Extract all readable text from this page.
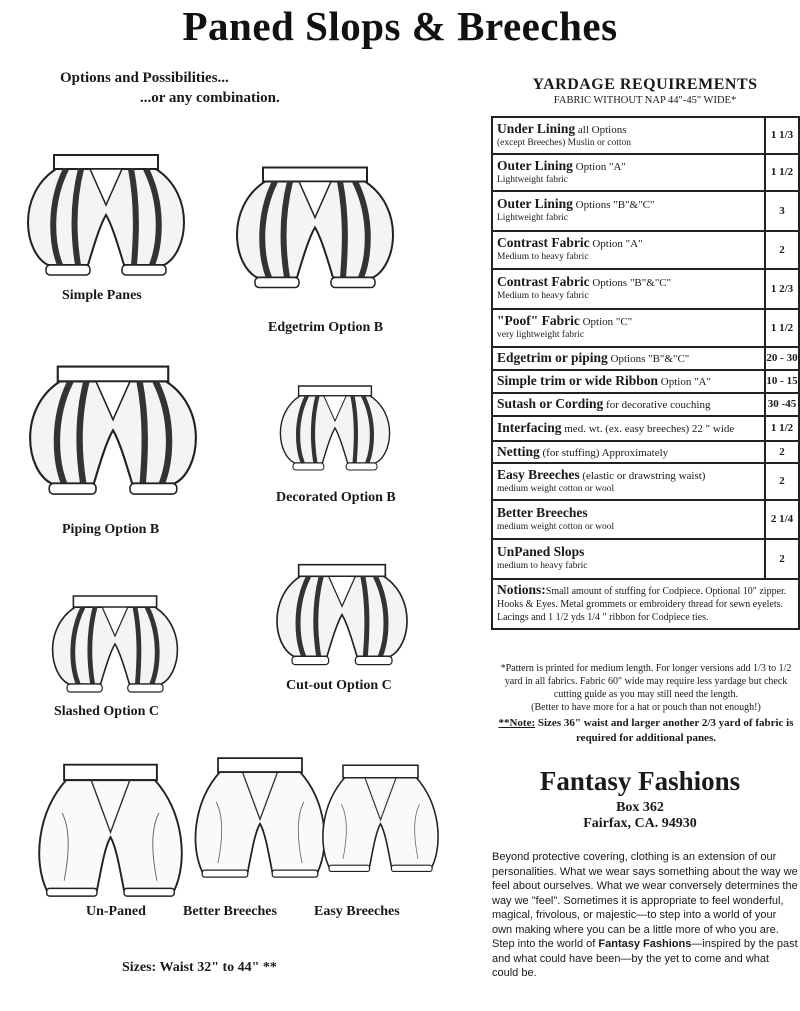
Paned Slops & Breeches
Options and Possibilities...
...or any combination.
Simple Panes
Edgetrim Option B
Piping Option B
Decorated Option B
Slashed Option C
Cut-out Option C
Un-Paned	Better Breeches	Easy Breeches
Sizes: Waist 32" to 44" **
YARDAGE REQUIREMENTS
FABRIC WITHOUT NAP 44"-45" WIDE*
Under Lining all Options
(except Breeches) Muslin or cotton	1 1/3
Outer Lining Option "A"
Lightweight fabric	1 1/2
Outer Lining Options "B"&"C"
Lightweight fabric	3
Contrast Fabric Option "A"
Medium to heavy fabric	2
Contrast Fabric Options "B"&"C"
Medium to heavy fabric	1 2/3
"Poof" Fabric Option "C"
very lightweight fabric	1 1/2
Edgetrim or piping Options "B"&"C"	20 - 30
Simple trim or wide Ribbon Option "A"	10 - 15
Sutash or Cording for decorative couching	30 -45
Interfacing med. wt. (ex. easy breeches) 22 " wide	1 1/2
Netting (for stuffing) Approximately	2
Easy Breeches (elastic or drawstring waist)
medium weight cotton or wool	2
Better Breeches
medium weight cotton or wool	2 1/4
UnPaned Slops
medium to heavy fabric	2
Notions:Small amount of stuffing for Codpiece. Optional 10" zipper. Hooks & Eyes. Metal grommets or embroidery thread for sewn eyelets. Lacings and 1 1/2 yds 1/4 " ribbon for Codpiece ties.	
*Pattern is printed for medium length. For longer versions add 1/3 to 1/2 yard in all fabrics. Fabric 60" wide may require less yardage but check cutting guide as you may still need the length.
(Better to have more for a hat or pouch than not enough!)
**Note: Sizes 36" waist and larger another 2/3 yard of fabric is required for additional panes.
Fantasy Fashions
Box 362
Fairfax, CA. 94930
Beyond protective covering, clothing is an extension of our personalities. What we wear says something about the way we feel about ourselves. What we wear conversely determines the way we "feel". Sometimes it is appropriate to feel wonderful, magical, frivolous, or majestic—to step into a world of your own making where you can be a little more of who you are. Step into the world of Fantasy Fashions—inspired by the past and what could have been—by the yet to come and what could be.
